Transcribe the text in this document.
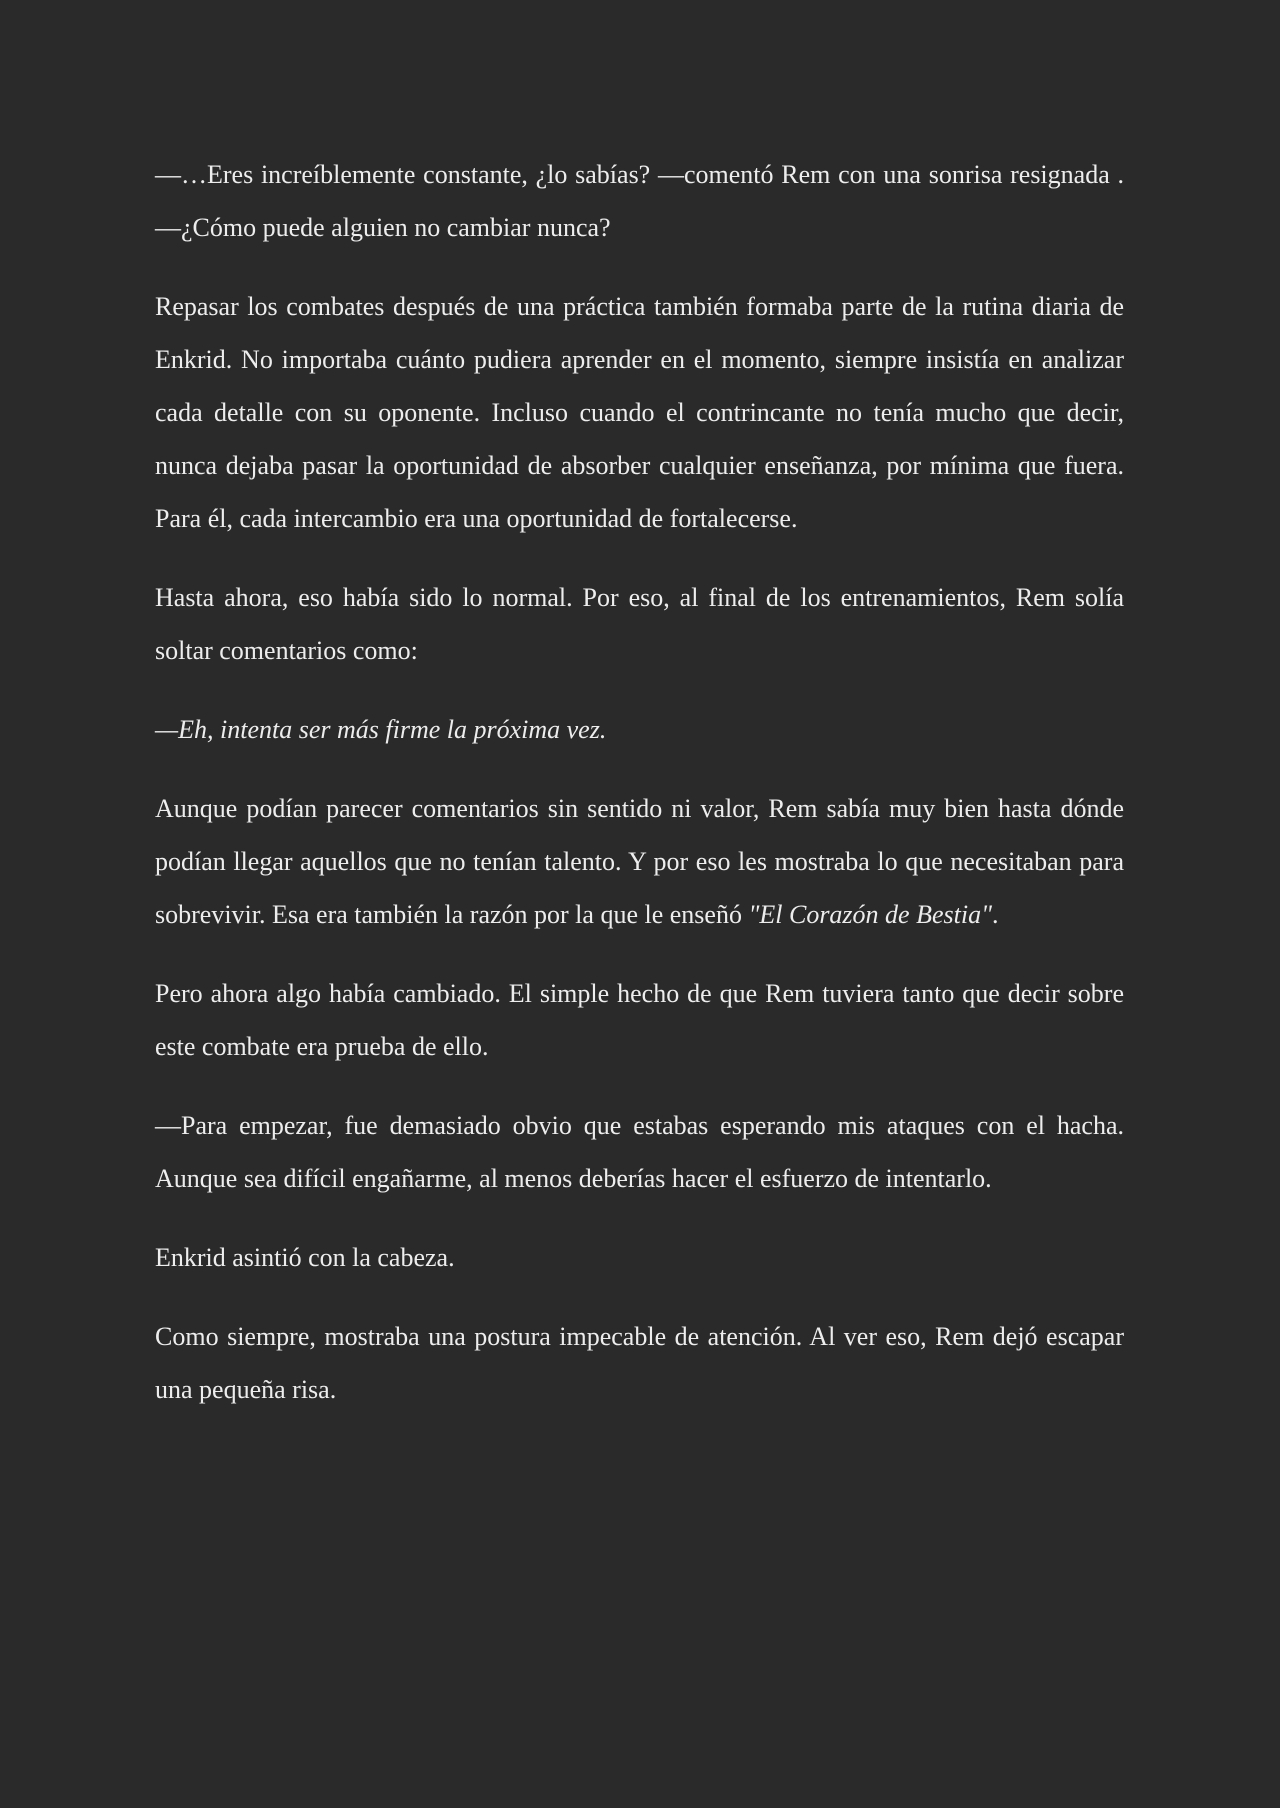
—…Eres increíblemente constante, ¿lo sabías? —comentó Rem con una sonrisa resignada . —¿Cómo puede alguien no cambiar nunca?

Repasar los combates después de una práctica también formaba parte de la rutina diaria de Enkrid. No importaba cuánto pudiera aprender en el momento, siempre insistía en analizar cada detalle con su oponente. Incluso cuando el contrincante no tenía mucho que decir, nunca dejaba pasar la oportunidad de absorber cualquier enseñanza, por mínima que fuera. Para él, cada intercambio era una oportunidad de fortalecerse.

Hasta ahora, eso había sido lo normal. Por eso, al final de los entrenamientos, Rem solía soltar comentarios como:

—Eh, intenta ser más firme la próxima vez.

Aunque podían parecer comentarios sin sentido ni valor, Rem sabía muy bien hasta dónde podían llegar aquellos que no tenían talento. Y por eso les mostraba lo que necesitaban para sobrevivir. Esa era también la razón por la que le enseñó "El Corazón de Bestia".

Pero ahora algo había cambiado. El simple hecho de que Rem tuviera tanto que decir sobre este combate era prueba de ello.

—Para empezar, fue demasiado obvio que estabas esperando mis ataques con el hacha. Aunque sea difícil engañarme, al menos deberías hacer el esfuerzo de intentarlo.

Enkrid asintió con la cabeza.

Como siempre, mostraba una postura impecable de atención. Al ver eso, Rem dejó escapar una pequeña risa.
